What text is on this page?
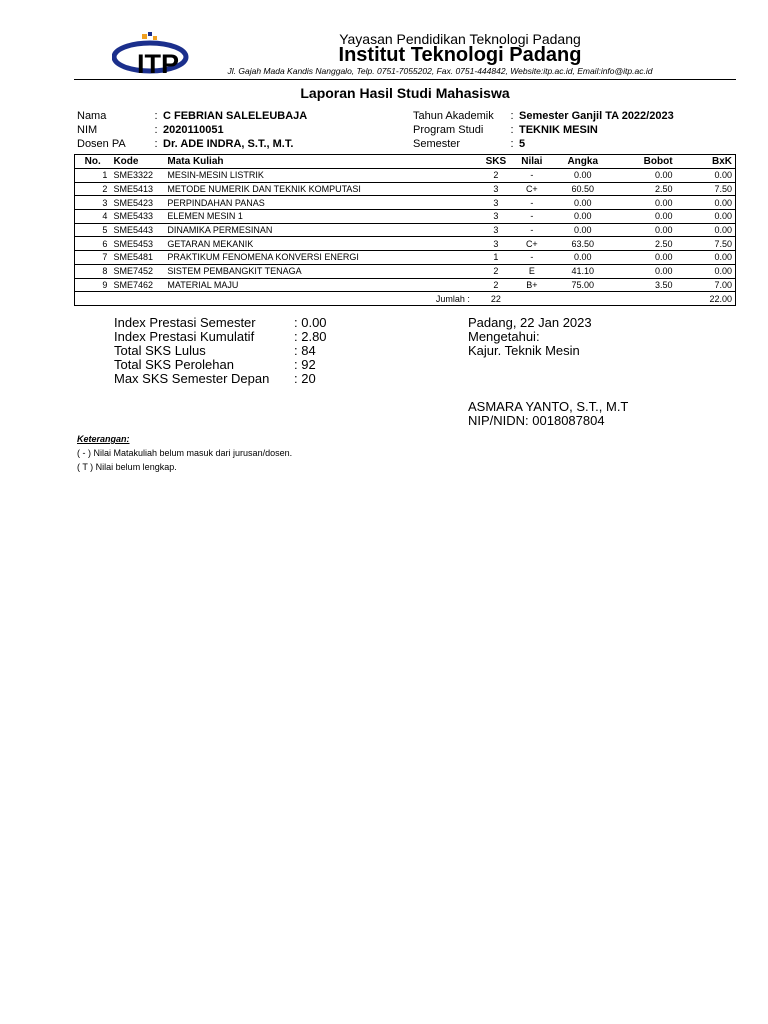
ITP
Yayasan Pendidikan Teknologi Padang
Institut Teknologi Padang
Jl. Gajah Mada Kandis Nanggalo, Telp. 0751-7055202, Fax. 0751-444842, Website:itp.ac.id, Email:info@itp.ac.id
Laporan Hasil Studi Mahasiswa
Nama	: C FEBRIAN SALELEUBAJA
NIM	: 2020110051
Dosen PA	: Dr. ADE INDRA, S.T., M.T.
Tahun Akademik : Semester Ganjil TA 2022/2023
Program Studi : TEKNIK MESIN
Semester	: 5
No.	Kode	Mata Kuliah	SKS	Nilai	Angka	Bobot	BxK
1	SME3322	MESIN-MESIN LISTRIK	2	-	0.00	0.00	0.00
2	SME5413	METODE NUMERIK DAN TEKNIK KOMPUTASI	3	C+	60.50	2.50	7.50
3	SME5423	PERPINDAHAN PANAS	3	-	0.00	0.00	0.00
4	SME5433	ELEMEN MESIN 1	3	-	0.00	0.00	0.00
5	SME5443	DINAMIKA PERMESINAN	3	-	0.00	0.00	0.00
6	SME5453	GETARAN MEKANIK	3	C+	63.50	2.50	7.50
7	SME5481	PRAKTIKUM FENOMENA KONVERSI ENERGI	1	-	0.00	0.00	0.00
8	SME7452	SISTEM PEMBANGKIT TENAGA	2	E	41.10	0.00	0.00
9	SME7462	MATERIAL MAJU	2	B+	75.00	3.50	7.00
Jumlah :			22				22.00
Index Prestasi Semester	: 0.00
Index Prestasi Kumulatif	: 2.80
Total SKS Lulus	: 84
Total SKS Perolehan	: 92
Max SKS Semester Depan : 20
Padang, 22 Jan 2023
Mengetahui:
Kajur. Teknik Mesin
ASMARA YANTO, S.T., M.T
NIP/NIDN: 0018087804
Keterangan:
( - ) Nilai Matakuliah belum masuk dari jurusan/dosen.
( T ) Nilai belum lengkap.
